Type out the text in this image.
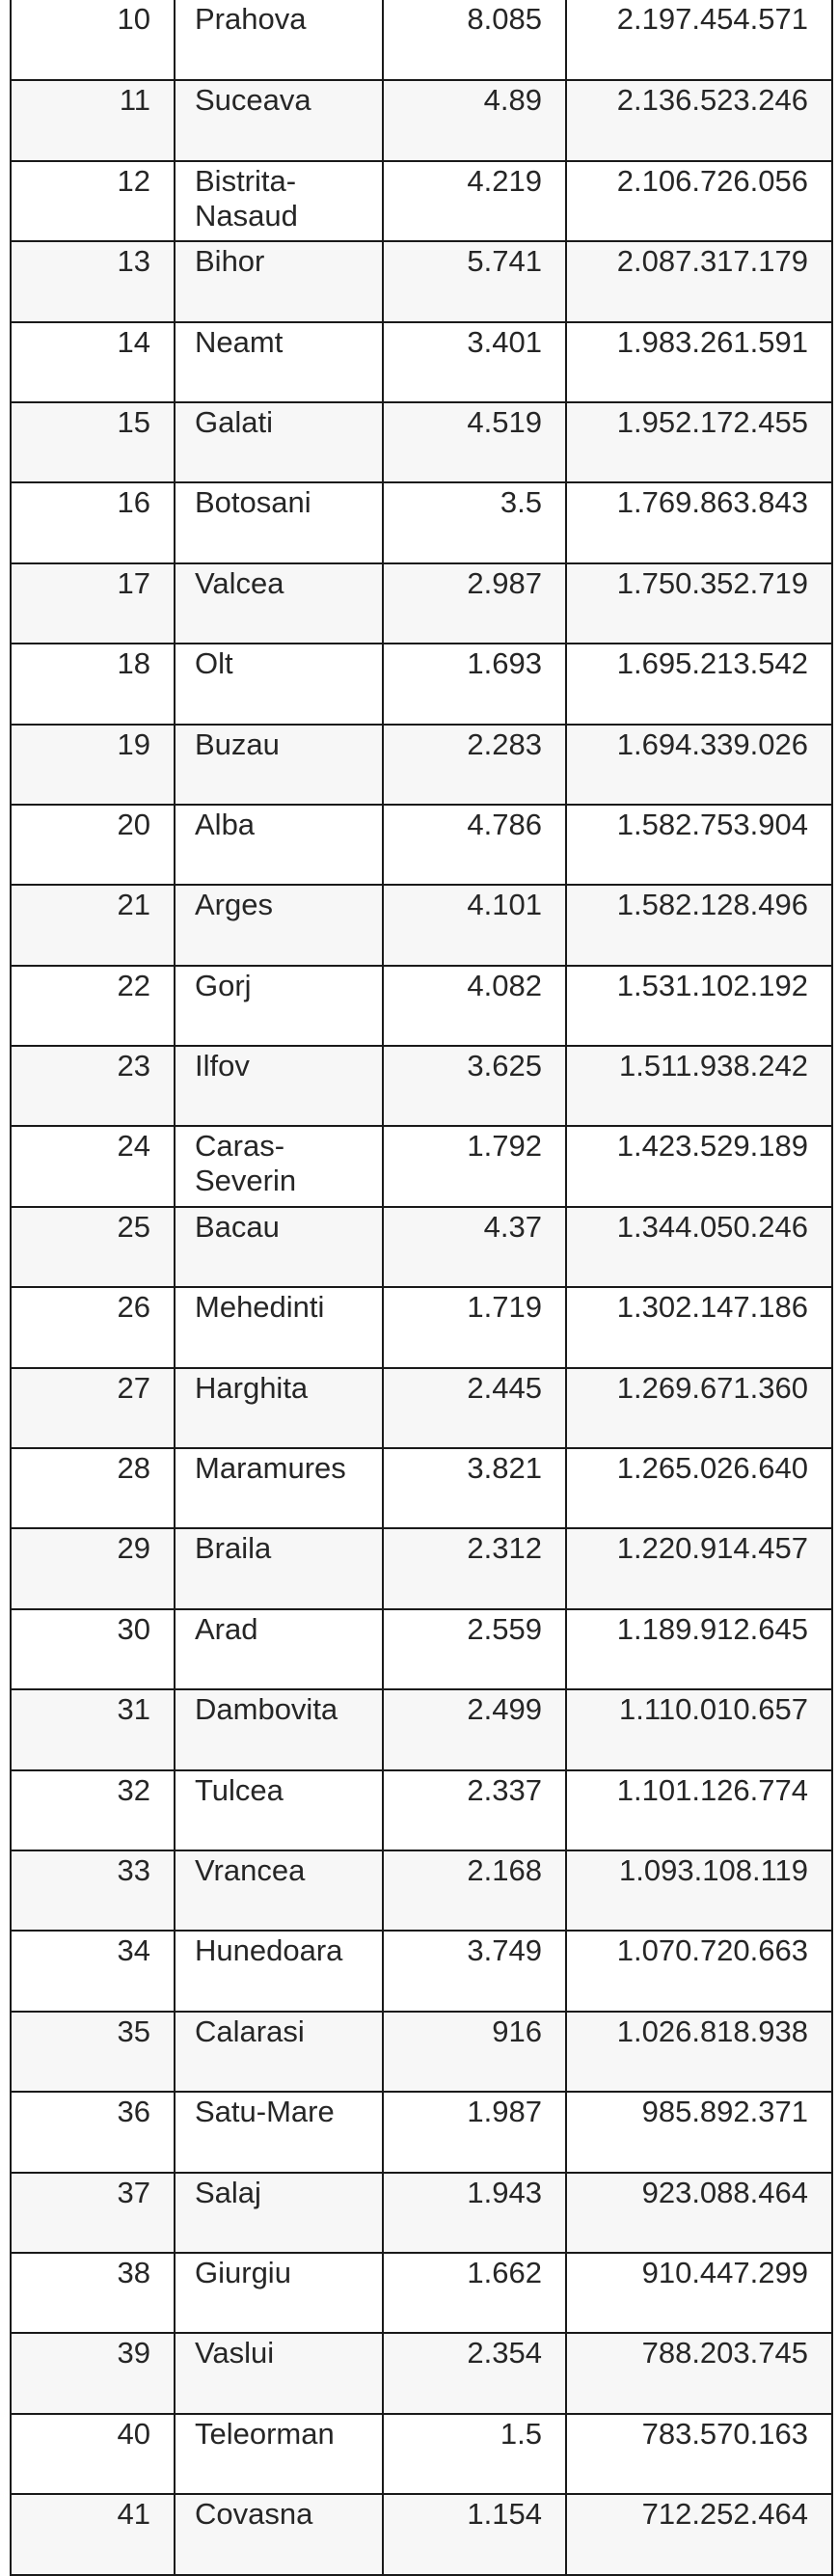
10	Prahova	8.085	2.197.454.571
11	Suceava	4.89	2.136.523.246
12	Bistrita-Nasaud	4.219	2.106.726.056
13	Bihor	5.741	2.087.317.179
14	Neamt	3.401	1.983.261.591
15	Galati	4.519	1.952.172.455
16	Botosani	3.5	1.769.863.843
17	Valcea	2.987	1.750.352.719
18	Olt	1.693	1.695.213.542
19	Buzau	2.283	1.694.339.026
20	Alba	4.786	1.582.753.904
21	Arges	4.101	1.582.128.496
22	Gorj	4.082	1.531.102.192
23	Ilfov	3.625	1.511.938.242
24	Caras-Severin	1.792	1.423.529.189
25	Bacau	4.37	1.344.050.246
26	Mehedinti	1.719	1.302.147.186
27	Harghita	2.445	1.269.671.360
28	Maramures	3.821	1.265.026.640
29	Braila	2.312	1.220.914.457
30	Arad	2.559	1.189.912.645
31	Dambovita	2.499	1.110.010.657
32	Tulcea	2.337	1.101.126.774
33	Vrancea	2.168	1.093.108.119
34	Hunedoara	3.749	1.070.720.663
35	Calarasi	916	1.026.818.938
36	Satu-Mare	1.987	985.892.371
37	Salaj	1.943	923.088.464
38	Giurgiu	1.662	910.447.299
39	Vaslui	2.354	788.203.745
40	Teleorman	1.5	783.570.163
41	Covasna	1.154	712.252.464
